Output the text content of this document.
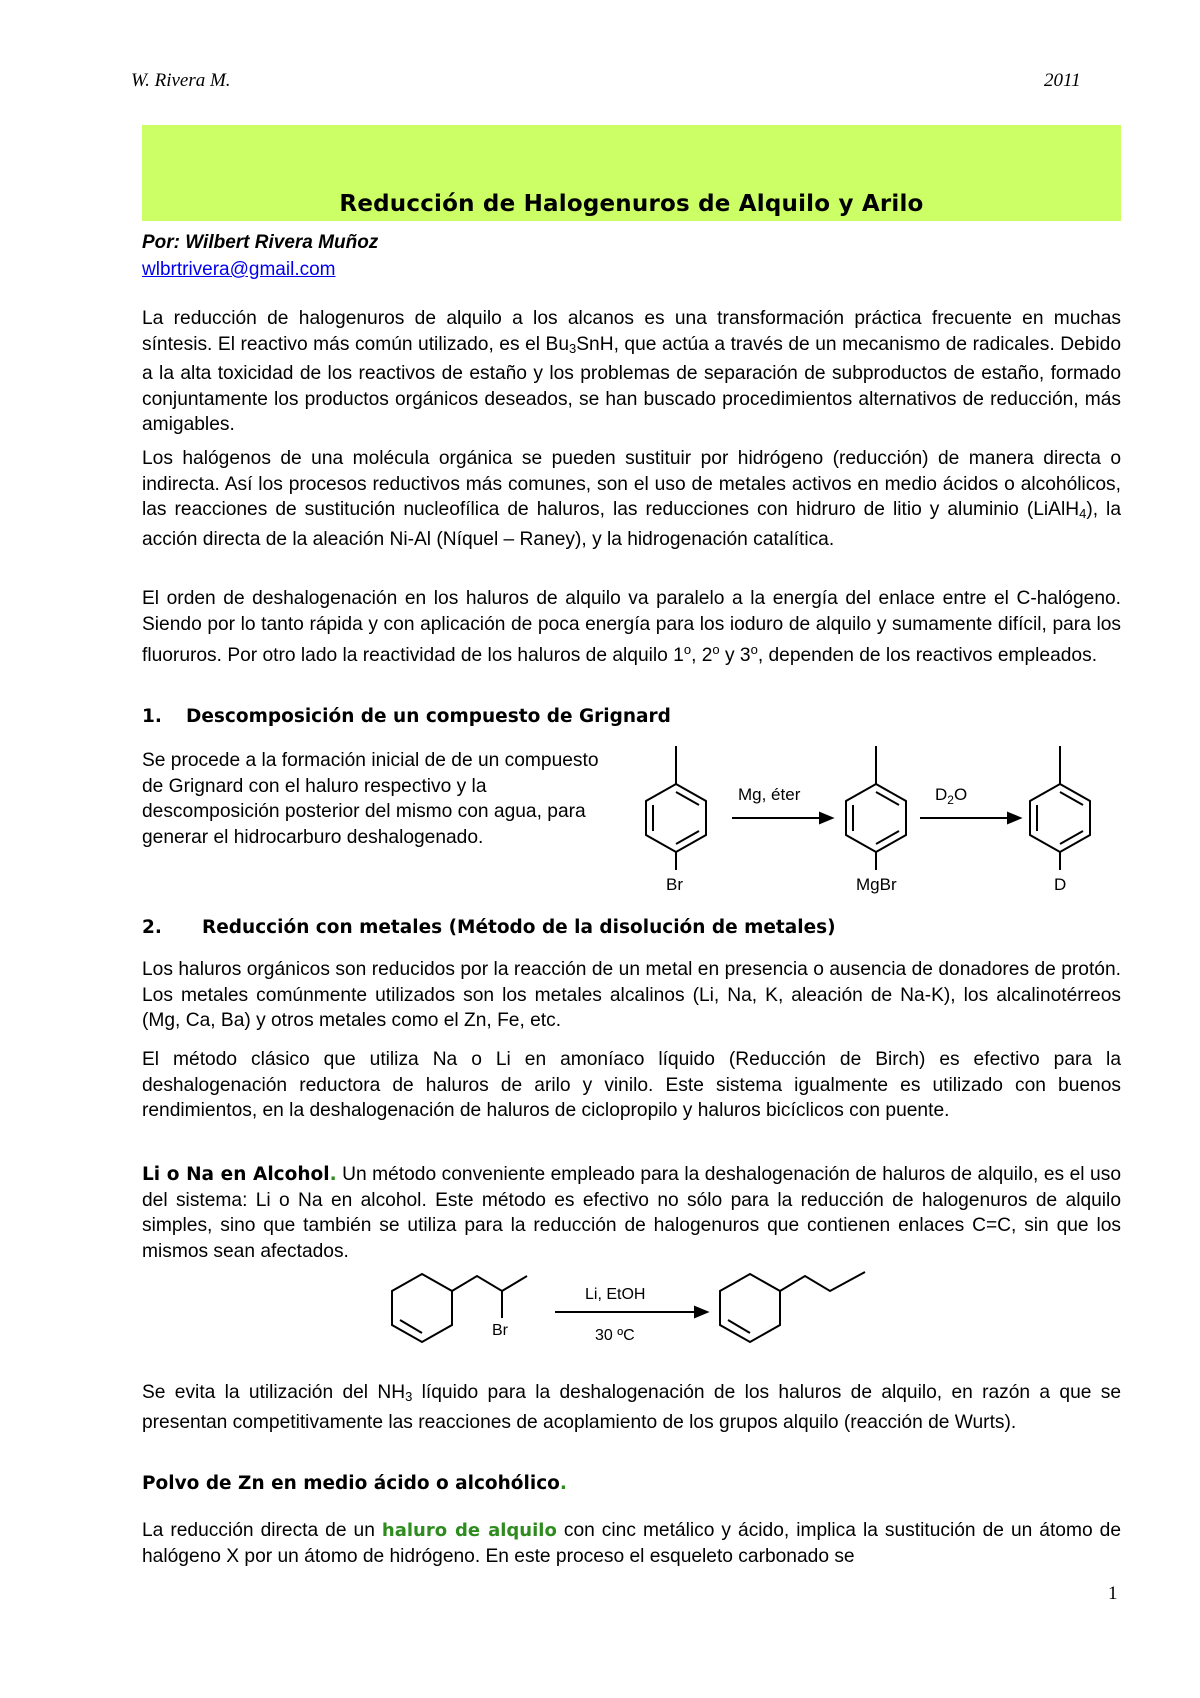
W. Rivera M.	2011
Reducción de Halogenuros de Alquilo y Arilo
Por: Wilbert Rivera Muñoz
wlbrtrivera@gmail.com

La reducción de halogenuros de alquilo a los alcanos es una transformación práctica frecuente en muchas síntesis. El reactivo más común utilizado, es el $Bu_3SnH$, que actúa a través de un mecanismo de radicales. Debido a la alta toxicidad de los reactivos de estaño y los problemas de separación de subproductos de estaño, formado conjuntamente los productos orgánicos deseados, se han buscado procedimientos alternativos de reducción, más amigables.

Los halógenos de una molécula orgánica se pueden sustituir por hidrógeno (reducción) de manera directa o indirecta. Así los procesos reductivos más comunes, son el uso de metales activos en medio ácidos o alcohólicos, las reacciones de sustitución nucleofílica de haluros, las reducciones con hidruro de litio y aluminio (LiAlH$_4$), la acción directa de la aleación Ni-Al (Níquel – Raney), y la hidrogenación catalítica.

El orden de deshalogenación en los haluros de alquilo va paralelo a la energía del enlace entre el C-halógeno. Siendo por lo tanto rápida y con aplicación de poca energía para los ioduro de alquilo y sumamente difícil, para los fluoruros. Por otro lado la reactividad de los haluros de alquilo 1$^o$, 2$^o$ y 3$^o$, dependen de los reactivos empleados.

1. Descomposición de un compuesto de Grignard
Se procede a la formación inicial de de un compuesto de Grignard con el haluro respectivo y la descomposición posterior del mismo con agua, para generar el hidrocarburo deshalogenado.
Mg, éter	$D_2O$
Br	MgBr	D
2. Reducción con metales (Método de la disolución de metales)
Los haluros orgánicos son reducidos por la reacción de un metal en presencia o ausencia de donadores de protón. Los metales comúnmente utilizados son los metales alcalinos (Li, Na, K, aleación de Na-K), los alcalinotérreos (Mg, Ca, Ba) y otros metales como el Zn, Fe, etc.
El método clásico que utiliza Na o Li en amoníaco líquido (Reducción de Birch) es efectivo para la deshalogenación reductora de haluros de arilo y vinilo. Este sistema igualmente es utilizado con buenos rendimientos, en la deshalogenación de haluros de ciclopropilo y haluros bicíclicos con puente.

Li o Na en Alcohol. Un método conveniente empleado para la deshalogenación de haluros de alquilo, es el uso del sistema: Li o Na en alcohol. Este método es efectivo no sólo para la reducción de halogenuros de alquilo simples, sino que también se utiliza para la reducción de halogenuros que contienen enlaces C=C, sin que los mismos sean afectados.

Br
Li, EtOH
30 ºC

Se evita la utilización del $NH_3$ líquido para la deshalogenación de los haluros de alquilo, en razón a que se presentan competitivamente las reacciones de acoplamiento de los grupos alquilo (reacción de Wurts).

Polvo de Zn en medio ácido o alcohólico.

La reducción directa de un haluro de alquilo con cinc metálico y ácido, implica la sustitución de un átomo de halógeno X por un átomo de hidrógeno. En este proceso el esqueleto carbonado se

1
